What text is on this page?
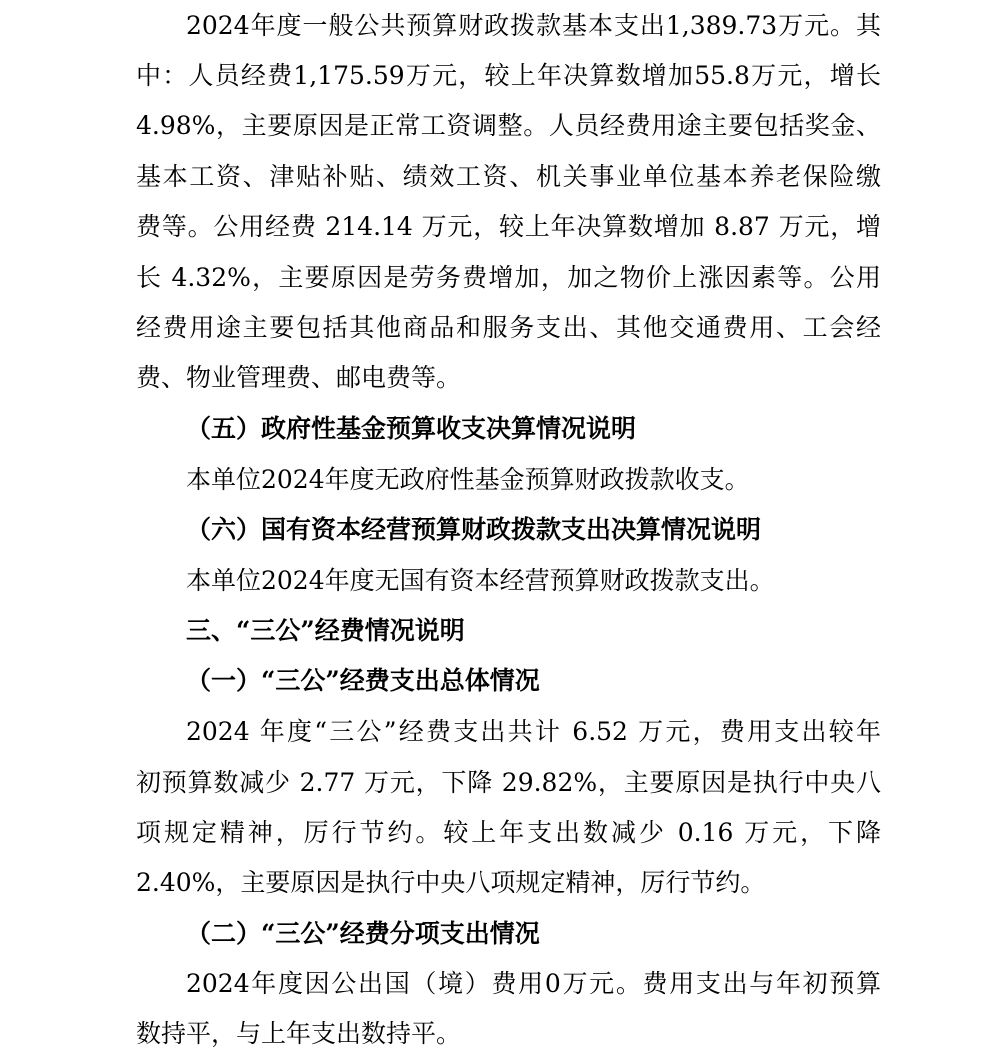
2024年度一般公共预算财政拨款基本支出1,389.73万元。其
中：人员经费1,175.59万元，较上年决算数增加55.8万元，增长
4.98%，主要原因是正常工资调整。人员经费用途主要包括奖金、
基本工资、津贴补贴、绩效工资、机关事业单位基本养老保险缴
费等。公用经费 214.14 万元，较上年决算数增加 8.87 万元，增
长 4.32%，主要原因是劳务费增加，加之物价上涨因素等。公用
经费用途主要包括其他商品和服务支出、其他交通费用、工会经
费、物业管理费、邮电费等。
（五）政府性基金预算收支决算情况说明
本单位2024年度无政府性基金预算财政拨款收支。
（六）国有资本经营预算财政拨款支出决算情况说明
本单位2024年度无国有资本经营预算财政拨款支出。
三、“三公”经费情况说明
（一）“三公”经费支出总体情况
2024 年度“三公”经费支出共计 6.52 万元，费用支出较年
初预算数减少 2.77 万元，下降 29.82%，主要原因是执行中央八
项规定精神，厉行节约。较上年支出数减少 0.16 万元，下降
2.40%，主要原因是执行中央八项规定精神，厉行节约。
（二）“三公”经费分项支出情况
2024年度因公出国（境）费用0万元。费用支出与年初预算
数持平，与上年支出数持平。
